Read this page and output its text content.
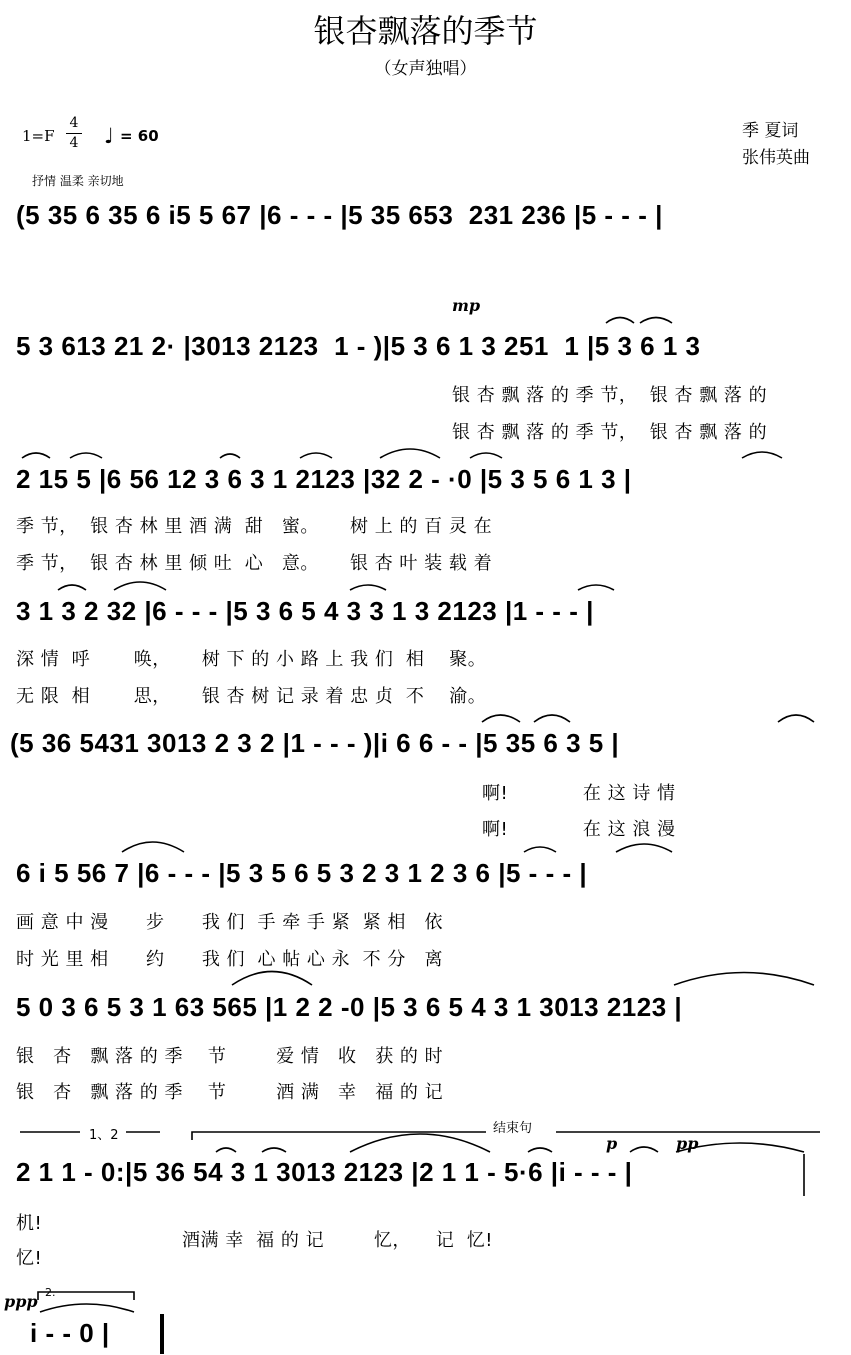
银杏飘落的季节
（女声独唱）
1=F
4
4 ♩ = 60
抒情 温柔 亲切地
季 夏词
张伟英曲
(5 35 6 35 6 i5 5 67 |6 - - - |5 35 653  231 236 |5 - - - |
mp
5 3 613 21 2· |3013 2123  1 - )|5 3 6 1 3 251  1 |5 3 6 1 3
银 杏 飘 落 的 季 节，  银 杏 飘 落 的
银 杏 飘 落 的 季 节，  银 杏 飘 落 的
2 15 5 |6 56 12 3 6 3 1 2123 |32 2 - ·0 |5 3 5 6 1 3 |
季 节，  银 杏 林 里 酒 满  甜   蜜。     树 上 的 百 灵 在
季 节，  银 杏 林 里 倾 吐  心   意。     银 杏 叶 装 载 着
3 1 3 2 32 |6 - - - |5 3 6 5 4 3 3 1 3 2123 |1 - - - |
深 情  呼       唤，     树 下 的 小 路 上 我 们  相    聚。
无 限  相       思，     银 杏 树 记 录 着 忠 贞  不    渝。
(5 36 5431 3013 2 3 2 |1 - - - )|i 6 6 - - |5 35 6 3 5 |
啊!            在 这 诗 情
啊!            在 这 浪 漫
6 i 5 56 7 |6 - - - |5 3 5 6 5 3 2 3 1 2 3 6 |5 - - - |
画 意 中 漫      步      我 们  手 牵 手 紧  紧 相   依
时 光 里 相      约      我 们  心 帖 心 永  不 分   离
5 0 3 6 5 3 1 63 565 |1 2 2 -0 |5 3 6 5 4 3 1 3013 2123 |
银   杏   飘 落 的 季    节        爱 情   收   获 的 时
银   杏   飘 落 的 季    节        酒 满   幸   福 的 记
1、2	结束句
p	pp
2 1 1 - 0:|5 36 54 3 1 3013 2123 |2 1 1 - 5·6 |i - - - |
机!
忆!
酒满 幸  福 的 记        忆，    记  忆!
ppp 2.
i - - 0 |
